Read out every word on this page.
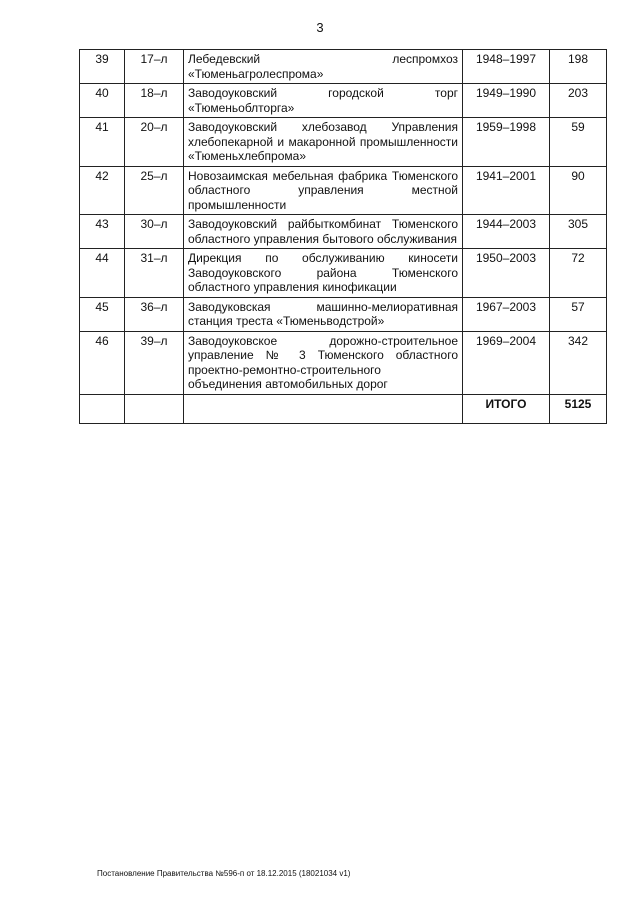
3
39	17–л	Лебедевский леспромхоз «Тюменьагролеспрома»	1948–1997	198
40	18–л	Заводоуковский городской торг «Тюменьоблторга»	1949–1990	203
41	20–л	Заводоуковский хлебозавод Управления хлебопекарной и макаронной промышленности «Тюменьхлебпрома»	1959–1998	59
42	25–л	Новозаимская мебельная фабрика Тюменского областного управления местной промышленности	1941–2001	90
43	30–л	Заводоуковский райбыткомбинат Тюменского областного управления бытового обслуживания	1944–2003	305
44	31–л	Дирекция по обслуживанию киносети Заводоуковского района Тюменского областного управления кинофикации	1950–2003	72
45	36–л	Заводуковская машинно-мелиоративная станция треста «Тюменьводстрой»	1967–2003	57
46	39–л	Заводоуковское дорожно-строительное управление № 3 Тюменского областного проектно-ремонтно-строительного объединения автомобильных дорог	1969–2004	342
			ИТОГО	5125
Постановление Правительства №596-п от 18.12.2015 (18021034 v1)
